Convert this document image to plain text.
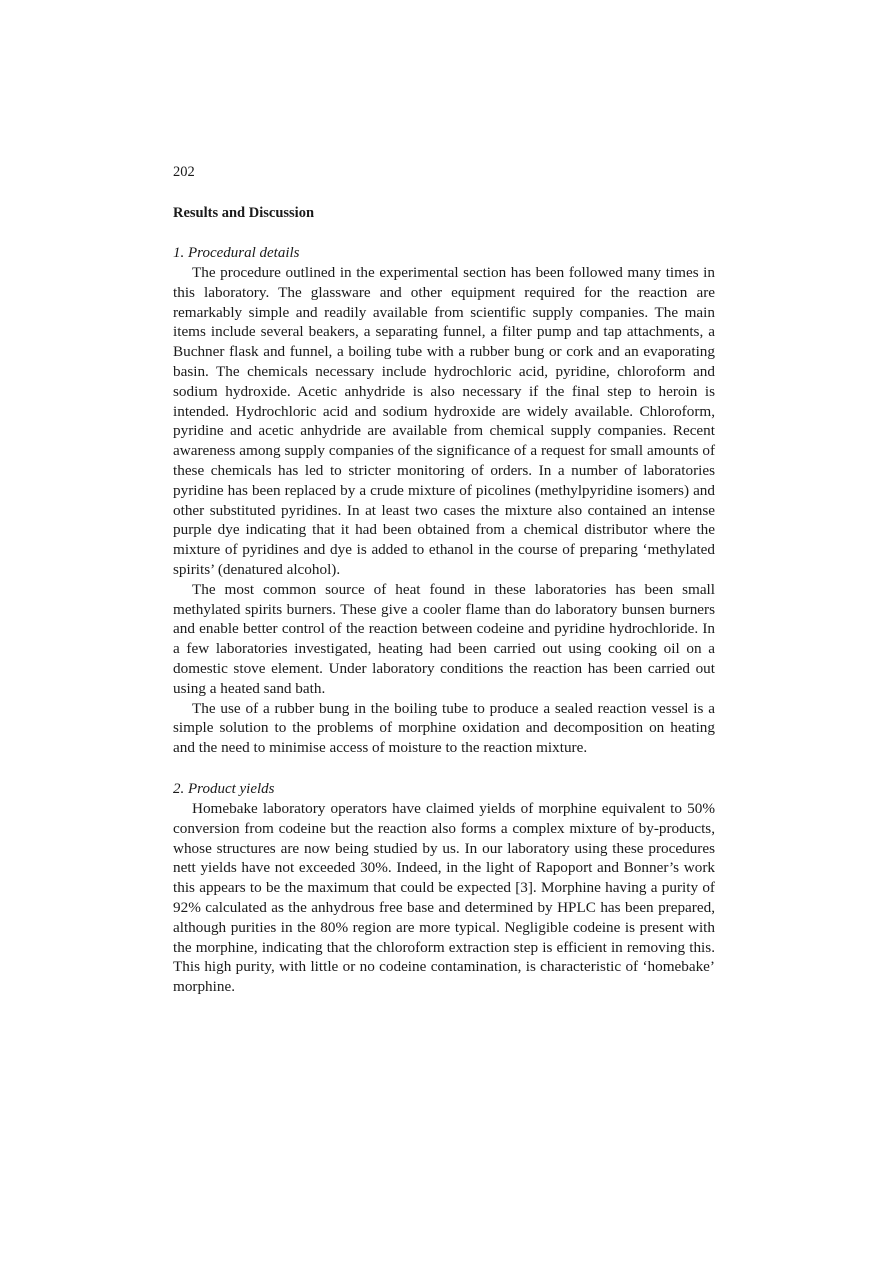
202
Results and Discussion
1. Procedural details

The procedure outlined in the experimental section has been followed many times in this laboratory. The glassware and other equipment required for the reaction are remarkably simple and readily available from scientific supply companies. The main items include several beakers, a separating funnel, a filter pump and tap attachments, a Buchner flask and funnel, a boiling tube with a rubber bung or cork and an evaporating basin. The chemicals necessary include hydrochloric acid, pyridine, chloroform and sodium hydroxide. Acetic anhydride is also necessary if the final step to heroin is intended. Hydrochloric acid and sodium hydroxide are widely available. Chloroform, pyridine and acetic anhydride are available from chemical supply companies. Recent awareness among supply companies of the significance of a request for small amounts of these chemicals has led to stricter monitoring of orders. In a number of laboratories pyridine has been replaced by a crude mixture of picolines (methylpyridine isomers) and other substituted pyridines. In at least two cases the mixture also contained an intense purple dye indicating that it had been obtained from a chemical distributor where the mixture of pyridines and dye is added to ethanol in the course of preparing ‘methylated spirits’ (denatured alcohol).

The most common source of heat found in these laboratories has been small methylated spirits burners. These give a cooler flame than do laboratory bunsen burners and enable better control of the reaction between codeine and pyridine hydrochloride. In a few laboratories investigated, heating had been carried out using cooking oil on a domestic stove element. Under laboratory conditions the reaction has been carried out using a heated sand bath.

The use of a rubber bung in the boiling tube to produce a sealed reaction vessel is a simple solution to the problems of morphine oxidation and decomposition on heating and the need to minimise access of moisture to the reaction mixture.

2. Product yields

Homebake laboratory operators have claimed yields of morphine equivalent to 50% conversion from codeine but the reaction also forms a complex mixture of by-products, whose structures are now being studied by us. In our laboratory using these procedures nett yields have not exceeded 30%. Indeed, in the light of Rapoport and Bonner’s work this appears to be the maximum that could be expected [3]. Morphine having a purity of 92% calculated as the anhydrous free base and determined by HPLC has been prepared, although purities in the 80% region are more typical. Negligible codeine is present with the morphine, indicating that the chloroform extraction step is efficient in removing this. This high purity, with little or no codeine contamination, is characteristic of ‘homebake’ morphine.
